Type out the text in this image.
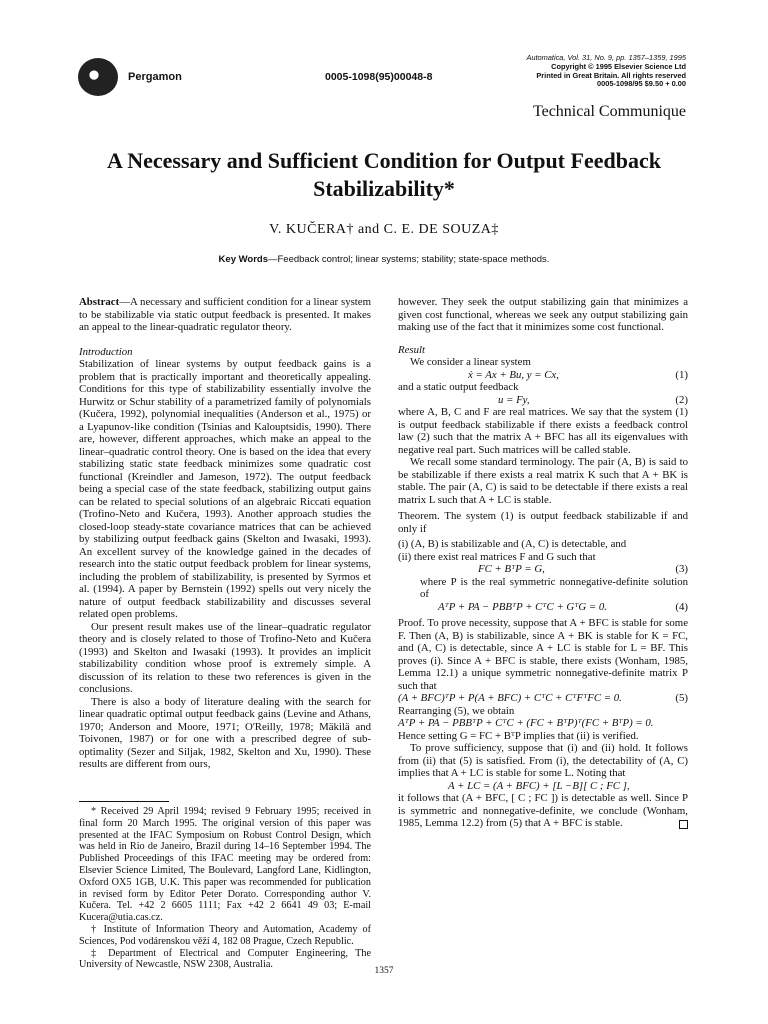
Pergamon	0005-1098(95)00048-8
Automatica, Vol. 31, No. 9, pp. 1357–1359, 1995
Copyright © 1995 Elsevier Science Ltd
Printed in Great Britain. All rights reserved
0005-1098/95 $9.50 + 0.00
Technical Communique
A Necessary and Sufficient Condition for Output Feedback Stabilizability*
V. KUČERA† and C. E. DE SOUZA‡
Key Words—Feedback control; linear systems; stability; state-space methods.

Abstract—A necessary and sufficient condition for a linear system to be stabilizable via static output feedback is presented. It makes an appeal to the linear-quadratic regulator theory.

Introduction

Stabilization of linear systems by output feedback gains is a problem that is practically important and theoretically appealing. Conditions for this type of stabilizability essentially involve the Hurwitz or Schur stability of a parametrized family of polynomials (Kučera, 1992), polynomial inequalities (Anderson et al., 1975) or a Lyapunov-like condition (Tsinias and Kalouptsidis, 1990). There are, however, different approaches, which make an appeal to the linear–quadratic control theory. One is based on the idea that every stabilizing static state feedback minimizes some quadratic cost functional (Kreindler and Jameson, 1972). The output feedback being a special case of the state feedback, stabilizing output gains can be related to special solutions of an algebraic Riccati equation (Trofino-Neto and Kučera, 1993). Another approach studies the closed-loop steady-state covariance matrices that can be achieved by stabilizing output feedback gains (Skelton and Iwasaki, 1993). An excellent survey of the knowledge gained in the decades of research into the static output feedback problem for linear systems, including the problem of stabilizability, is presented by Syrmos et al. (1994). A paper by Bernstein (1992) spells out very nicely the nature of output feedback stabilizability and discusses several related open problems.

Our present result makes use of the linear–quadratic regulator theory and is closely related to those of Trofino-Neto and Kučera (1993) and Skelton and Iwasaki (1993). It provides an implicit stabilizability condition whose proof is extremely simple. A discussion of its relation to these two references is given in the conclusions.

There is also a body of literature dealing with the search for linear quadratic optimal output feedback gains (Levine and Athans, 1970; Anderson and Moore, 1971; O'Reilly, 1978; Mäkilä and Toivonen, 1987) or for one with a prescribed degree of sub-optimality (Sezer and Siljak, 1982, Skelton and Xu, 1990). These results are different from ours,

* Received 29 April 1994; revised 9 February 1995; received in final form 20 March 1995. The original version of this paper was presented at the IFAC Symposium on Robust Control Design, which was held in Rio de Janeiro, Brazil during 14–16 September 1994. The Published Proceedings of this IFAC meeting may be ordered from: Elsevier Science Limited, The Boulevard, Langford Lane, Kidlington, Oxford OX5 1GB, U.K. This paper was recommended for publication in revised form by Editor Peter Dorato. Corresponding author V. Kučera. Tel. +42 2 6605 1111; Fax +42 2 6641 49 03; E-mail Kucera@utia.cas.cz.

† Institute of Information Theory and Automation, Academy of Sciences, Pod vodárenskou věží 4, 182 08 Prague, Czech Republic.

‡ Department of Electrical and Computer Engineering, The University of Newcastle, NSW 2308, Australia.

however. They seek the output stabilizing gain that minimizes a given cost functional, whereas we seek any output stabilizing gain making use of the fact that it minimizes some cost functional.

Result

We consider a linear system

ẋ = Ax + Bu, y = Cx,	(1)

and a static output feedback

u = Fy,	(2)

where A, B, C and F are real matrices. We say that the system (1) is output feedback stabilizable if there exists a feedback control law (2) such that the matrix A + BFC has all its eigenvalues with negative real part. Such matrices will be called stable.

We recall some standard terminology. The pair (A, B) is said to be stabilizable if there exists a real matrix K such that A + BK is stable. The pair (A, C) is said to be detectable if there exists a real matrix L such that A + LC is stable.

Theorem. The system (1) is output feedback stabilizable if and only if

(i) (A, B) is stabilizable and (A, C) is detectable, and

(ii) there exist real matrices F and G such that

FC + BᵀP = G,	(3)

where P is the real symmetric nonnegative-definite solution of

AᵀP + PA − PBBᵀP + CᵀC + GᵀG = 0.	(4)

Proof. To prove necessity, suppose that A + BFC is stable for some F. Then (A, B) is stabilizable, since A + BK is stable for K = FC, and (A, C) is detectable, since A + LC is stable for L = BF. This proves (i). Since A + BFC is stable, there exists (Wonham, 1985, Lemma 12.1) a unique symmetric nonnegative-definite matrix P such that

(A + BFC)ᵀP + P(A + BFC) + CᵀC + CᵀFᵀFC = 0.	(5)

Rearranging (5), we obtain

AᵀP + PA − PBBᵀP + CᵀC + (FC + BᵀP)ᵀ(FC + BᵀP) = 0.

Hence setting G = FC + BᵀP implies that (ii) is verified.

To prove sufficiency, suppose that (i) and (ii) hold. It follows from (ii) that (5) is satisfied. From (i), the detectability of (A, C) implies that A + LC is stable for some L. Noting that

A + LC = (A + BFC) + [L −B][ C ; FC ],

it follows that (A + BFC, [ C ; FC ]) is detectable as well. Since P is symmetric and nonnegative-definite, we conclude (Wonham, 1985, Lemma 12.2) from (5) that A + BFC is stable.

1357
